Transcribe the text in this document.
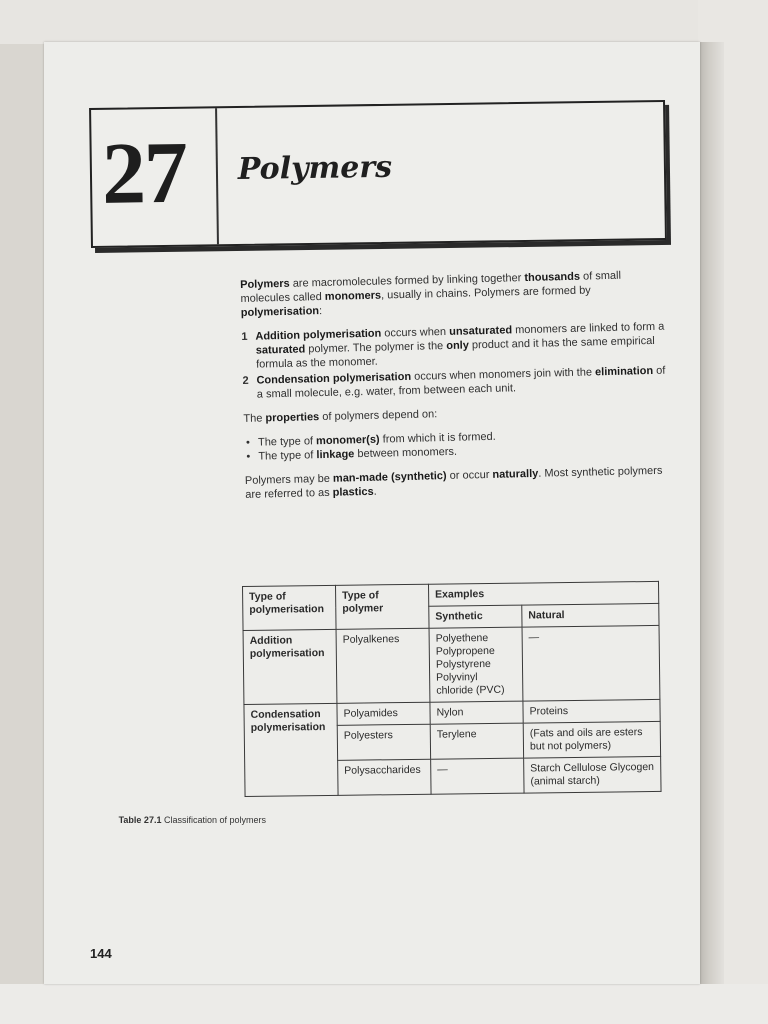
27 Polymers

Polymers are macromolecules formed by linking together thousands of small molecules called monomers, usually in chains. Polymers are formed by polymerisation:

1 Addition polymerisation occurs when unsaturated monomers are linked to form a saturated polymer. The polymer is the only product and it has the same empirical formula as the monomer.
2 Condensation polymerisation occurs when monomers join with the elimination of a small molecule, e.g. water, from between each unit.

The properties of polymers depend on:

• The type of monomer(s) from which it is formed.
• The type of linkage between monomers.

Polymers may be man-made (synthetic) or occur naturally. Most synthetic polymers are referred to as plastics.

Type of polymerisation	Type of polymer	Examples	
		Synthetic	Natural
Addition polymerisation	Polyalkenes	Polyethene Polypropene Polystyrene Polyvinyl chloride (PVC)	—
Condensation polymerisation	Polyamides	Nylon	Proteins
	Polyesters	Terylene	(Fats and oils are esters but not polymers)
	Polysaccharides	—	Starch Cellulose Glycogen (animal starch)
Table 27.1 Classification of polymers
144
